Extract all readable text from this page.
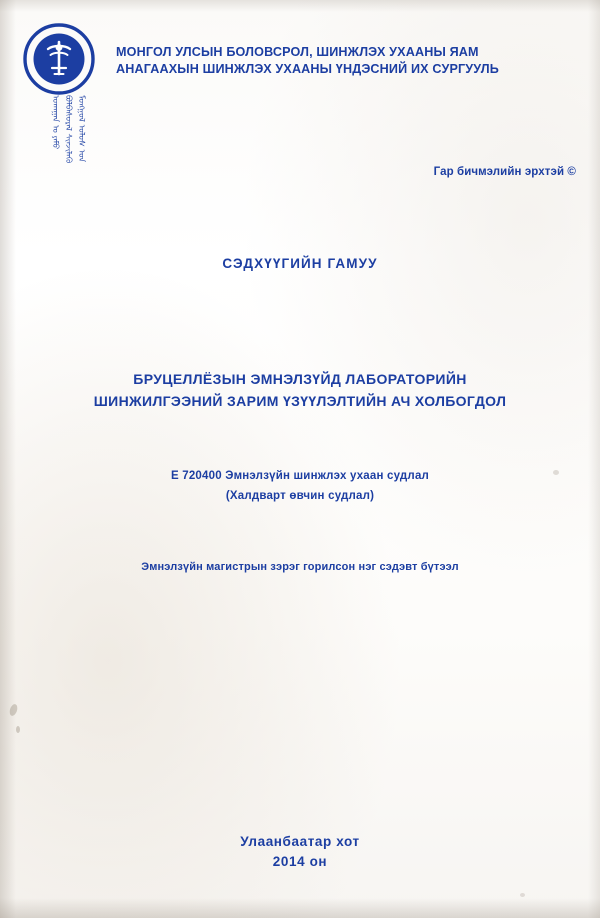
МОНГОЛ УЛСЫН БОЛОВСРОЛ, ШИНЖЛЭХ УХААНЫ ЯАМ
АНАГААХЫН ШИНЖЛЭХ УХААНЫ ҮНДЭСНИЙ ИХ СУРГУУЛЬ
ᠮᠣᠩᠭᠣᠯ ᠤᠯᠤᠰ ᠤᠨ
ᠪᠣᠯᠪᠠᠰᠤᠷᠠᠯ ᠰᠢᠨᠵᠢᠯᠡᠬᠦ
ᠤᠬᠠᠭᠠᠨ ᠤ ᠶᠠᠮᠤ
Гар бичмэлийн эрхтэй ©
СЭДХҮҮГИЙН ГАМУУ
БРУЦЕЛЛЁЗЫН ЭМНЭЛЗҮЙД ЛАБОРАТОРИЙН
ШИНЖИЛГЭЭНИЙ ЗАРИМ ҮЗҮҮЛЭЛТИЙН АЧ ХОЛБОГДОЛ
Е 720400 Эмнэлзүйн шинжлэх ухаан судлал
(Халдварт өвчин судлал)
Эмнэлзүйн магистрын зэрэг горилсон нэг сэдэвт бүтээл
Улаанбаатар хот
2014 он
